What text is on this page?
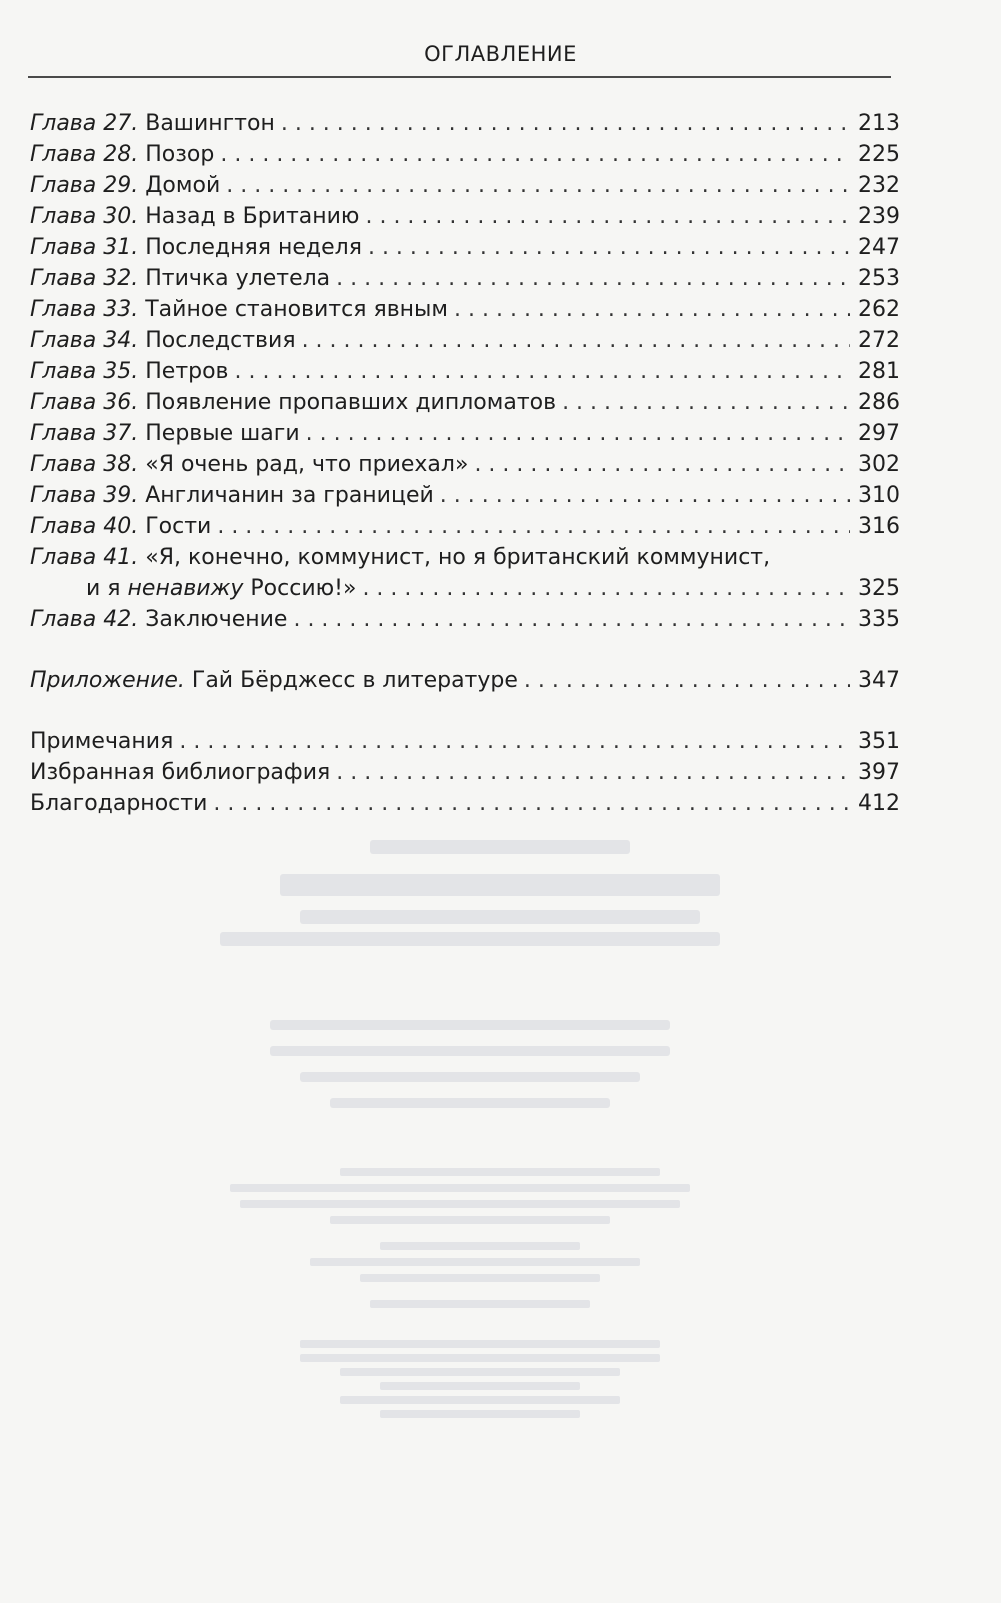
ОГЛАВЛЕНИЕ
Глава 27. Вашингтон . . .	213
Глава 28. Позор . . .	225
Глава 29. Домой . . .	232
Глава 30. Назад в Британию . . .	239
Глава 31. Последняя неделя . . .	247
Глава 32. Птичка улетела . . .	253
Глава 33. Тайное становится явным . . .	262
Глава 34. Последствия . . .	272
Глава 35. Петров . . .	281
Глава 36. Появление пропавших дипломатов . . .	286
Глава 37. Первые шаги . . .	297
Глава 38. «Я очень рад, что приехал» . . .	302
Глава 39. Англичанин за границей . . .	310
Глава 40. Гости . . .	316
Глава 41. «Я, конечно, коммунист, но я британский коммунист,
и я ненавижу Россию!» . . .	325
Глава 42. Заключение . . .	335
Приложение. Гай Бёрджесс в литературе . . .	347
Примечания . . .	351
Избранная библиография . . .	397
Благодарности . . .	412
